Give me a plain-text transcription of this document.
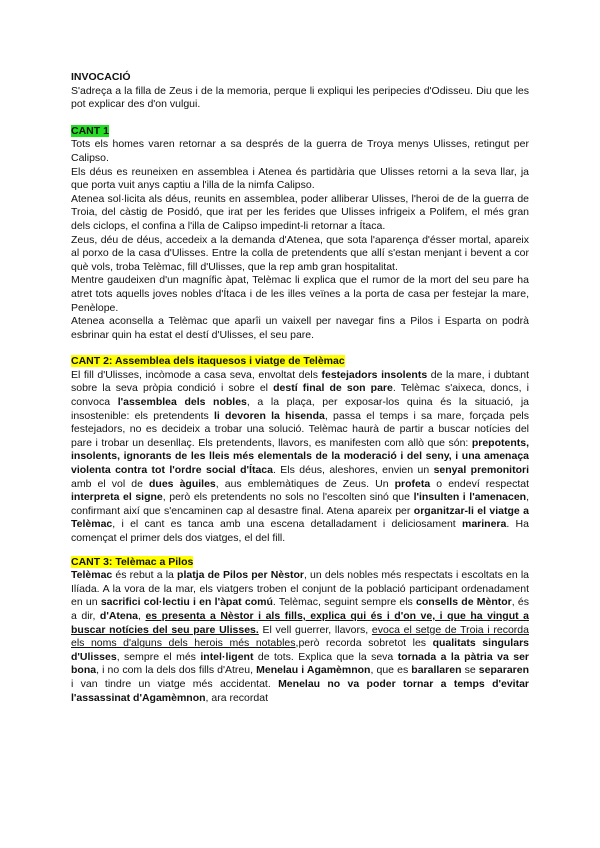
INVOCACIÓ

S'adreça a la filla de Zeus i de la memoria, perque li expliqui les peripecies d'Odisseu. Diu que les pot explicar des d'on vulgui.

CANT 1

Tots els homes varen retornar a sa després de la guerra de Troya menys Ulisses, retingut per Calipso.

Els déus es reuneixen en assemblea i Atenea és partidària que Ulisses retorni a la seva llar, ja que porta vuit anys captiu a l'illa de la nimfa Calipso.

Atenea sol·licita als déus, reunits en assemblea, poder alliberar Ulisses, l'heroi de de la guerra de Troia, del càstig de Posidó, que irat per les ferides que Ulisses infrigeix a Polifem, el més gran dels ciclops, el confina a l'illa de Calipso impedint-li retornar a Ítaca.

Zeus, déu de déus, accedeix a la demanda d'Atenea, que sota l'aparença d'ésser mortal, apareix al porxo de la casa d'Ulisses. Entre la colla de pretendents que allí s'estan menjant i bevent a cor què vols, troba Telèmac, fill d'Ulisses, que la rep amb gran hospitalitat.

Mentre gaudeixen d'un magnífic àpat, Telèmac li explica que el rumor de la mort del seu pare ha atret tots aquells joves nobles d'Ítaca i de les illes veïnes a la porta de casa per festejar la mare, Penèlope.

Atenea aconsella a Telèmac que aparîi un vaixell per navegar fins a Pilos i Esparta on podrà esbrinar quin ha estat el destí d'Ulisses, el seu pare.

CANT 2: Assemblea dels itaquesos i viatge de Telèmac

El fill d'Ulisses, incòmode a casa seva, envoltat dels festejadors insolents de la mare, i dubtant sobre la seva pròpia condició i sobre el destí final de son pare. Telèmac s'aixeca, doncs, i convoca l'assemblea dels nobles, a la plaça, per exposar-los quina és la situació, ja insostenible: els pretendents li devoren la hisenda, passa el temps i sa mare, forçada pels festejadors, no es decideix a trobar una solució. Telèmac haurà de partir a buscar notícies del pare i trobar un desenllaç. Els pretendents, llavors, es manifesten com allò que són: prepotents, insolents, ignorants de les lleis més elementals de la moderació i del seny, i una amenaça violenta contra tot l'ordre social d'Ítaca. Els déus, aleshores, envien un senyal premonitori amb el vol de dues àguiles, aus emblemàtiques de Zeus. Un profeta o endeví respectat interpreta el signe, però els pretendents no sols no l'escolten sinó que l'insulten i l'amenacen, confirmant així que s'encaminen cap al desastre final. Atena apareix per organitzar-li el viatge a Telèmac, i el cant es tanca amb una escena detalladament i deliciosament marinera. Ha començat el primer dels dos viatges, el del fill.

CANT 3: Telèmac a Pilos

Telèmac és rebut a la platja de Pilos per Nèstor, un dels nobles més respectats i escoltats en la Ilíada. A la vora de la mar, els viatgers troben el conjunt de la població participant ordenadament en un sacrifici col·lectiu i en l'àpat comú. Telèmac, seguint sempre els consells de Mèntor, és a dir, d'Atena, es presenta a Nèstor i als fills, explica qui és i d'on ve, i que ha vingut a buscar notícies del seu pare Ulisses. El vell guerrer, llavors, evoca el setge de Troia i recorda els noms d'alguns dels herois més notables,però recorda sobretot les qualitats singulars d'Ulisses, sempre el més intel·ligent de tots. Explica que la seva tornada a la pàtria va ser bona, i no com la dels dos fills d'Atreu, Menelau i Agamèmnon, que es barallaren se separaren i van tindre un viatge més accidentat. Menelau no va poder tornar a temps d'evitar l'assassinat d'Agamèmnon, ara recordat
